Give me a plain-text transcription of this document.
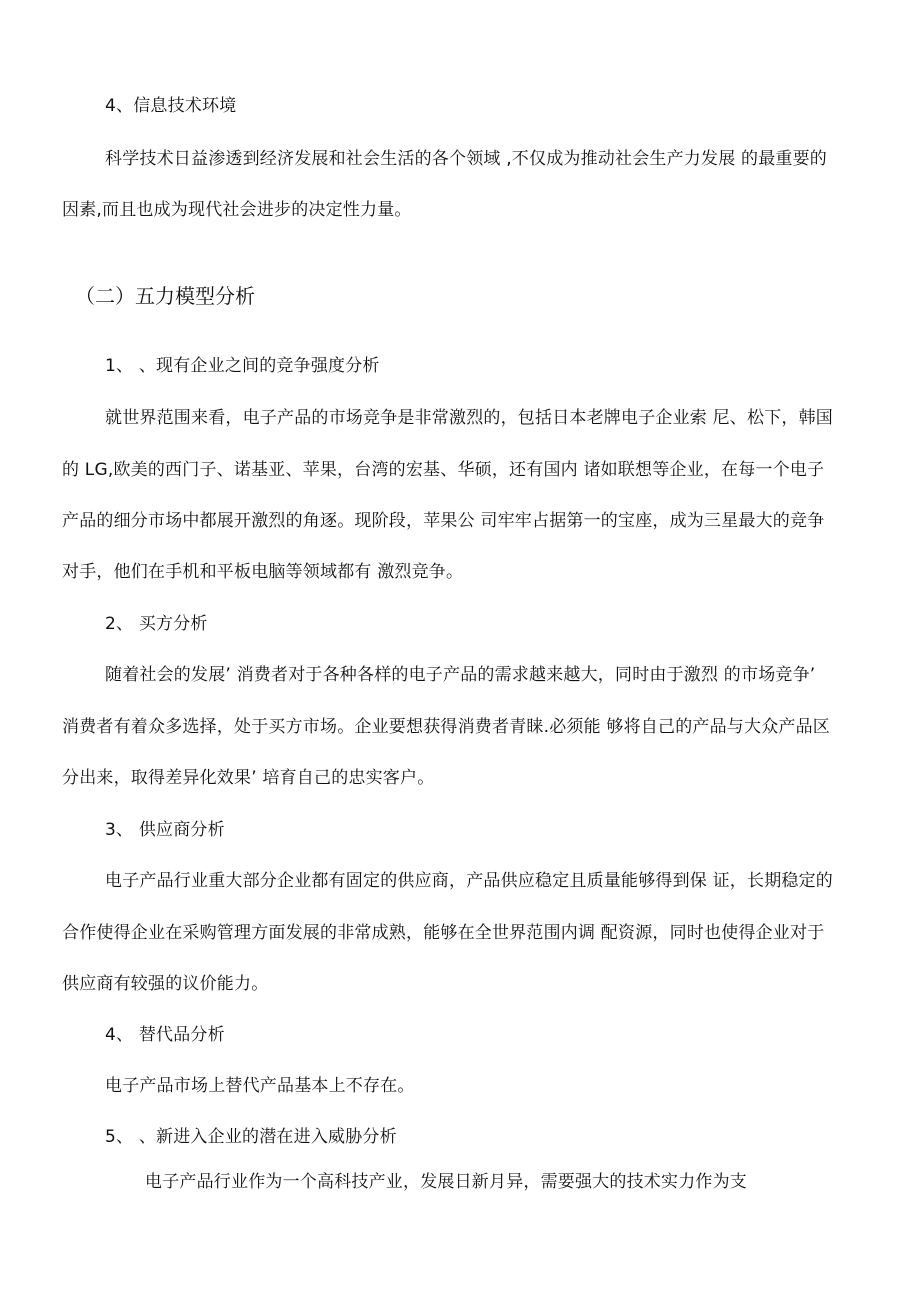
4、信息技术环境
科学技术日益渗透到经济发展和社会生活的各个领域 ,不仅成为推动社会生产力发展 的最重要的
因素,而且也成为现代社会进步的决定性力量。
（二）五力模型分析
1、 、现有企业之间的竞争强度分析
就世界范围来看，电子产品的市场竞争是非常激烈的，包括日本老牌电子企业索 尼、松下，韩国
的 LG,欧美的西门子、诺基亚、苹果，台湾的宏基、华硕，还有国内 诸如联想等企业，在每一个电子
产品的细分市场中都展开激烈的角逐。现阶段，苹果公 司牢牢占据第一的宝座，成为三星最大的竞争
对手，他们在手机和平板电脑等领域都有 激烈竞争。
2、 买方分析
随着社会的发展’ 消费者对于各种各样的电子产品的需求越来越大，同时由于激烈 的市场竞争’
消费者有着众多选择，处于买方市场。企业要想获得消费者青睐.必须能 够将自己的产品与大众产品区
分出来，取得差异化效果’ 培育自己的忠实客户。
3、 供应商分析
电子产品行业重大部分企业都有固定的供应商，产品供应稳定且质量能够得到保 证，长期稳定的
合作使得企业在采购管理方面发展的非常成熟，能够在全世界范围内调 配资源，同时也使得企业对于
供应商有较强的议价能力。
4、 替代品分析
电子产品市场上替代产品基本上不存在。
5、 、新进入企业的潜在进入威胁分析
电子产品行业作为一个高科技产业，发展日新月异，需要强大的技术实力作为支
